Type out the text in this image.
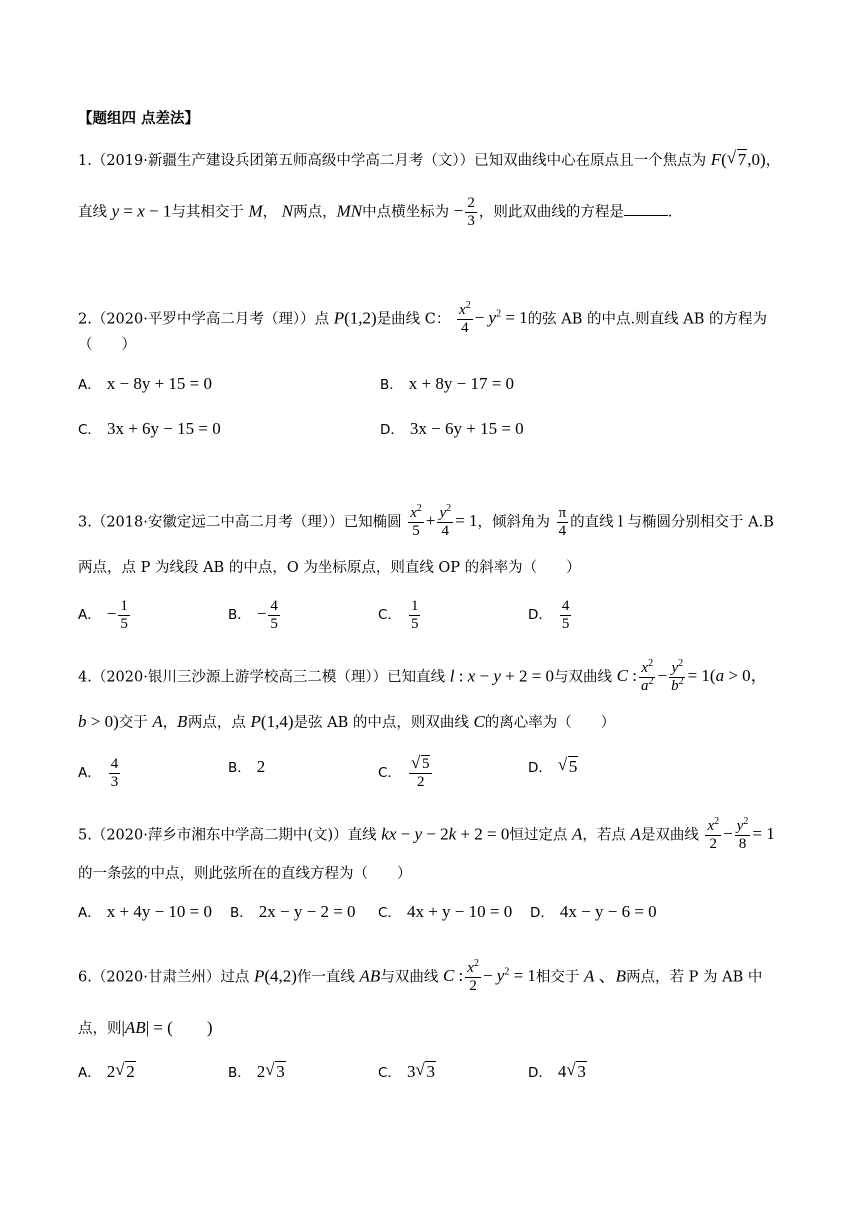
【题组四 点差法】
1.（2019·新疆生产建设兵团第五师高级中学高二月考（文））已知双曲线中心在原点且一个焦点为 F( √ 7,0)，
直线 y = x − 1与其相交于 M， N两点，MN中点横坐标为 − $\frac{2}{3}$ ，则此双曲线的方程是	.
2.（2020·平罗中学高二月考（理））点 P(1,2)是曲线 C： $\frac{x^2}{4} - y^2 = 1$的弦 AB 的中点.则直线 AB 的方程为
（　　）
A． x − 8y + 15 = 0	B． x + 8y − 17 = 0
C． 3x + 6y − 15 = 0	D． 3x − 6y + 15 = 0
3.（2018·安徽定远二中高二月考（理））已知椭圆 $\frac{x^2}{5} + \frac{y^2}{4} = 1$，倾斜角为 $\frac{\pi}{4}$ 的直线 l 与椭圆分别相交于 A.B
两点，点 P 为线段 AB 的中点，O 为坐标原点，则直线 OP 的斜率为（　　）
A． − $\frac{1}{5}$	B． − $\frac{4}{5}$	C． $\frac{1}{5}$	D． $\frac{4}{5}$
4.（2020·银川三沙源上游学校高三二模（理））已知直线 l : x − y + 2 = 0与双曲线 C : $\frac{x^2}{a^2} - \frac{y^2}{b^2} = 1(a > 0$，
b > 0)交于 A，B两点，点 P(1,4)是弦 AB 的中点，则双曲线 C的离心率为（　　）
A． $\frac{4}{3}$	B． 2	C． √ $\frac{5}{2}$	D． √ 5
5.（2020·萍乡市湘东中学高二期中(文)）直线 kx − y − 2k + 2 = 0恒过定点 A，若点 A是双曲线 $\frac{x^2}{2} - \frac{y^2}{8} = 1$
的一条弦的中点，则此弦所在的直线方程为（　　）
A． x + 4y − 10 = 0 B． 2x − y − 2 = 0 C． 4x + y − 10 = 0 D． 4x − y − 6 = 0
6.（2020·甘肃兰州）过点 P(4,2)作一直线 AB与双曲线 C : $\frac{x^2}{2} - y^2 = 1$相交于 A 、B两点，若 P 为 AB 中
点，则|AB| = (　　)
A． 2 √ 2	B． 2 √ 3	C． 3 √ 3	D． 4 √ 3
